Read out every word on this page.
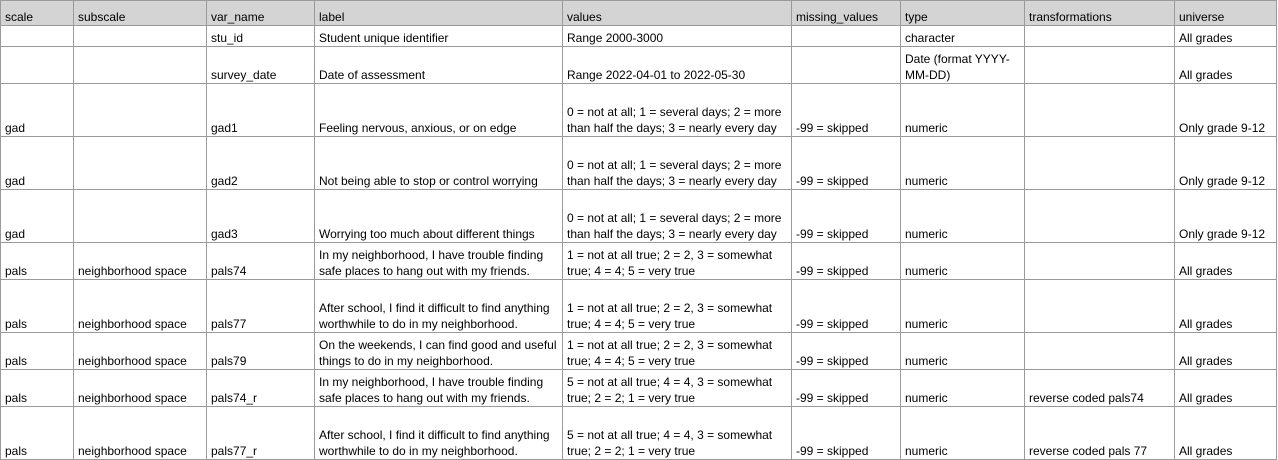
scale	subscale	var_name	label	values	missing_values	type	transformations	universe
		stu_id	Student unique identifier	Range 2000-3000		character		All grades
		survey_date	Date of assessment	Range 2022-04-01 to 2022-05-30		Date (format YYYY-MM-DD)		All grades
gad		gad1	Feeling nervous, anxious, or on edge	0 = not at all; 1 = several days; 2 = more than half the days; 3 = nearly every day	-99 = skipped	numeric		Only grade 9-12
gad		gad2	Not being able to stop or control worrying	0 = not at all; 1 = several days; 2 = more than half the days; 3 = nearly every day	-99 = skipped	numeric		Only grade 9-12
gad		gad3	Worrying too much about different things	0 = not at all; 1 = several days; 2 = more than half the days; 3 = nearly every day	-99 = skipped	numeric		Only grade 9-12
pals	neighborhood space	pals74	In my neighborhood, I have trouble finding safe places to hang out with my friends.	1 = not at all true; 2 = 2, 3 = somewhat true; 4 = 4; 5 = very true	-99 = skipped	numeric		All grades
pals	neighborhood space	pals77	After school, I find it difficult to find anything worthwhile to do in my neighborhood.	1 = not at all true; 2 = 2, 3 = somewhat true; 4 = 4; 5 = very true	-99 = skipped	numeric		All grades
pals	neighborhood space	pals79	On the weekends, I can find good and useful things to do in my neighborhood.	1 = not at all true; 2 = 2, 3 = somewhat true; 4 = 4; 5 = very true	-99 = skipped	numeric		All grades
pals	neighborhood space	pals74_r	In my neighborhood, I have trouble finding safe places to hang out with my friends.	5 = not at all true; 4 = 4, 3 = somewhat true; 2 = 2; 1 = very true	-99 = skipped	numeric	reverse coded pals74	All grades
pals	neighborhood space	pals77_r	After school, I find it difficult to find anything worthwhile to do in my neighborhood.	5 = not at all true; 4 = 4, 3 = somewhat true; 2 = 2; 1 = very true	-99 = skipped	numeric	reverse coded pals 77	All grades
